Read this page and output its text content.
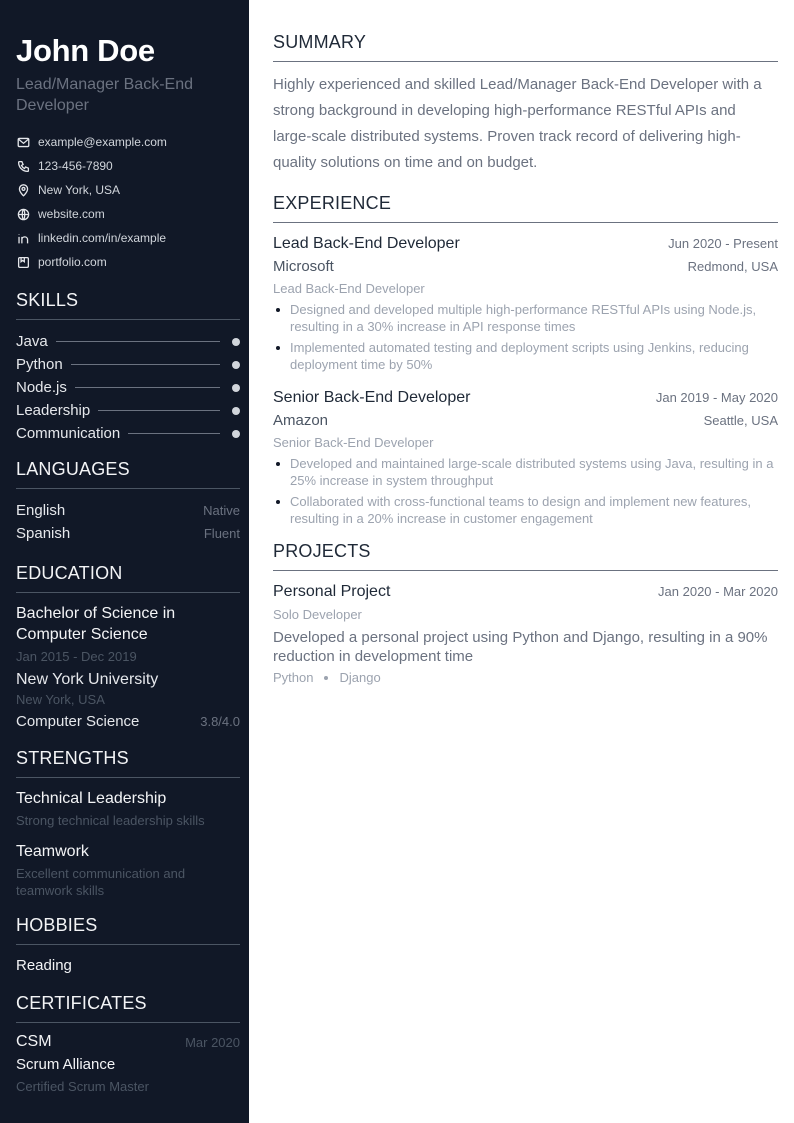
John Doe
Lead/Manager Back-End Developer
example@example.com
123-456-7890
New York, USA
website.com
linkedin.com/in/example
portfolio.com
SKILLS
Java
Python
Node.js
Leadership
Communication
LANGUAGES
English	Native
Spanish	Fluent
EDUCATION
Bachelor of Science in Computer Science
Jan 2015 - Dec 2019
New York University
New York, USA
Computer Science	3.8/4.0
STRENGTHS
Technical Leadership
Strong technical leadership skills
Teamwork
Excellent communication and teamwork skills
HOBBIES
Reading
CERTIFICATES
CSM	Mar 2020
Scrum Alliance
Certified Scrum Master
SUMMARY

Highly experienced and skilled Lead/Manager Back-End Developer with a strong background in developing high-performance RESTful APIs and large-scale distributed systems. Proven track record of delivering high-quality solutions on time and on budget.

EXPERIENCE
Lead Back-End Developer	Jun 2020 - Present
Microsoft	Redmond, USA
Lead Back-End Developer
Designed and developed multiple high-performance RESTful APIs using Node.js, resulting in a 30% increase in API response times
Implemented automated testing and deployment scripts using Jenkins, reducing deployment time by 50%
Senior Back-End Developer	Jan 2019 - May 2020
Amazon	Seattle, USA
Senior Back-End Developer
Developed and maintained large-scale distributed systems using Java, resulting in a 25% increase in system throughput
Collaborated with cross-functional teams to design and implement new features, resulting in a 20% increase in customer engagement
PROJECTS
Personal Project	Jan 2020 - Mar 2020
Solo Developer
Developed a personal project using Python and Django, resulting in a 90% reduction in development time
Python Django
